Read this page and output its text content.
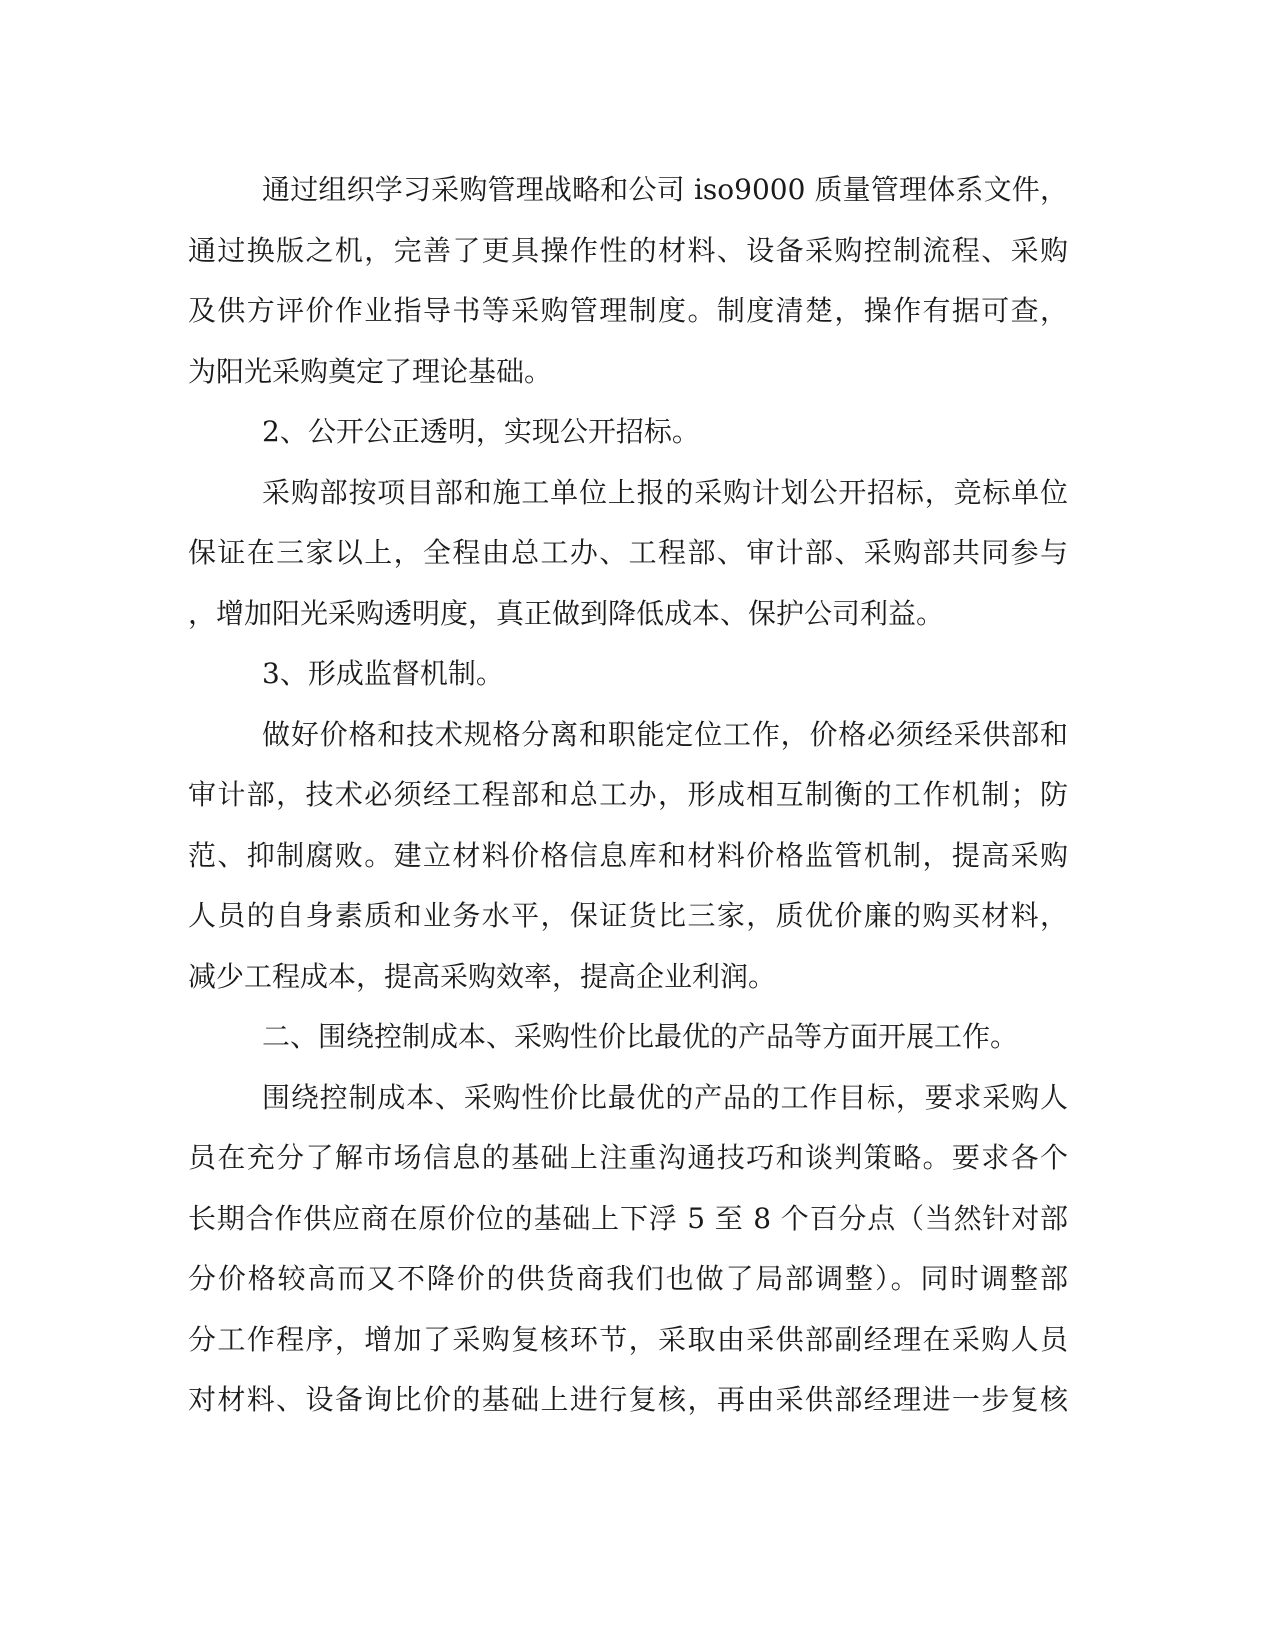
通过组织学习采购管理战略和公司 iso9000 质量管理体系文件，
通过换版之机，完善了更具操作性的材料、设备采购控制流程、采购
及供方评价作业指导书等采购管理制度。制度清楚，操作有据可查，
为阳光采购奠定了理论基础。
2、公开公正透明，实现公开招标。
采购部按项目部和施工单位上报的采购计划公开招标，竞标单位
保证在三家以上，全程由总工办、工程部、审计部、采购部共同参与
，增加阳光采购透明度，真正做到降低成本、保护公司利益。
3、形成监督机制。
做好价格和技术规格分离和职能定位工作，价格必须经采供部和
审计部，技术必须经工程部和总工办，形成相互制衡的工作机制；防
范、抑制腐败。建立材料价格信息库和材料价格监管机制，提高采购
人员的自身素质和业务水平，保证货比三家，质优价廉的购买材料，
减少工程成本，提高采购效率，提高企业利润。
二、围绕控制成本、采购性价比最优的产品等方面开展工作。
围绕控制成本、采购性价比最优的产品的工作目标，要求采购人
员在充分了解市场信息的基础上注重沟通技巧和谈判策略。要求各个
长期合作供应商在原价位的基础上下浮 5 至 8 个百分点（当然针对部
分价格较高而又不降价的供货商我们也做了局部调整）。同时调整部
分工作程序，增加了采购复核环节，采取由采供部副经理在采购人员
对材料、设备询比价的基础上进行复核，再由采供部经理进一步复核
